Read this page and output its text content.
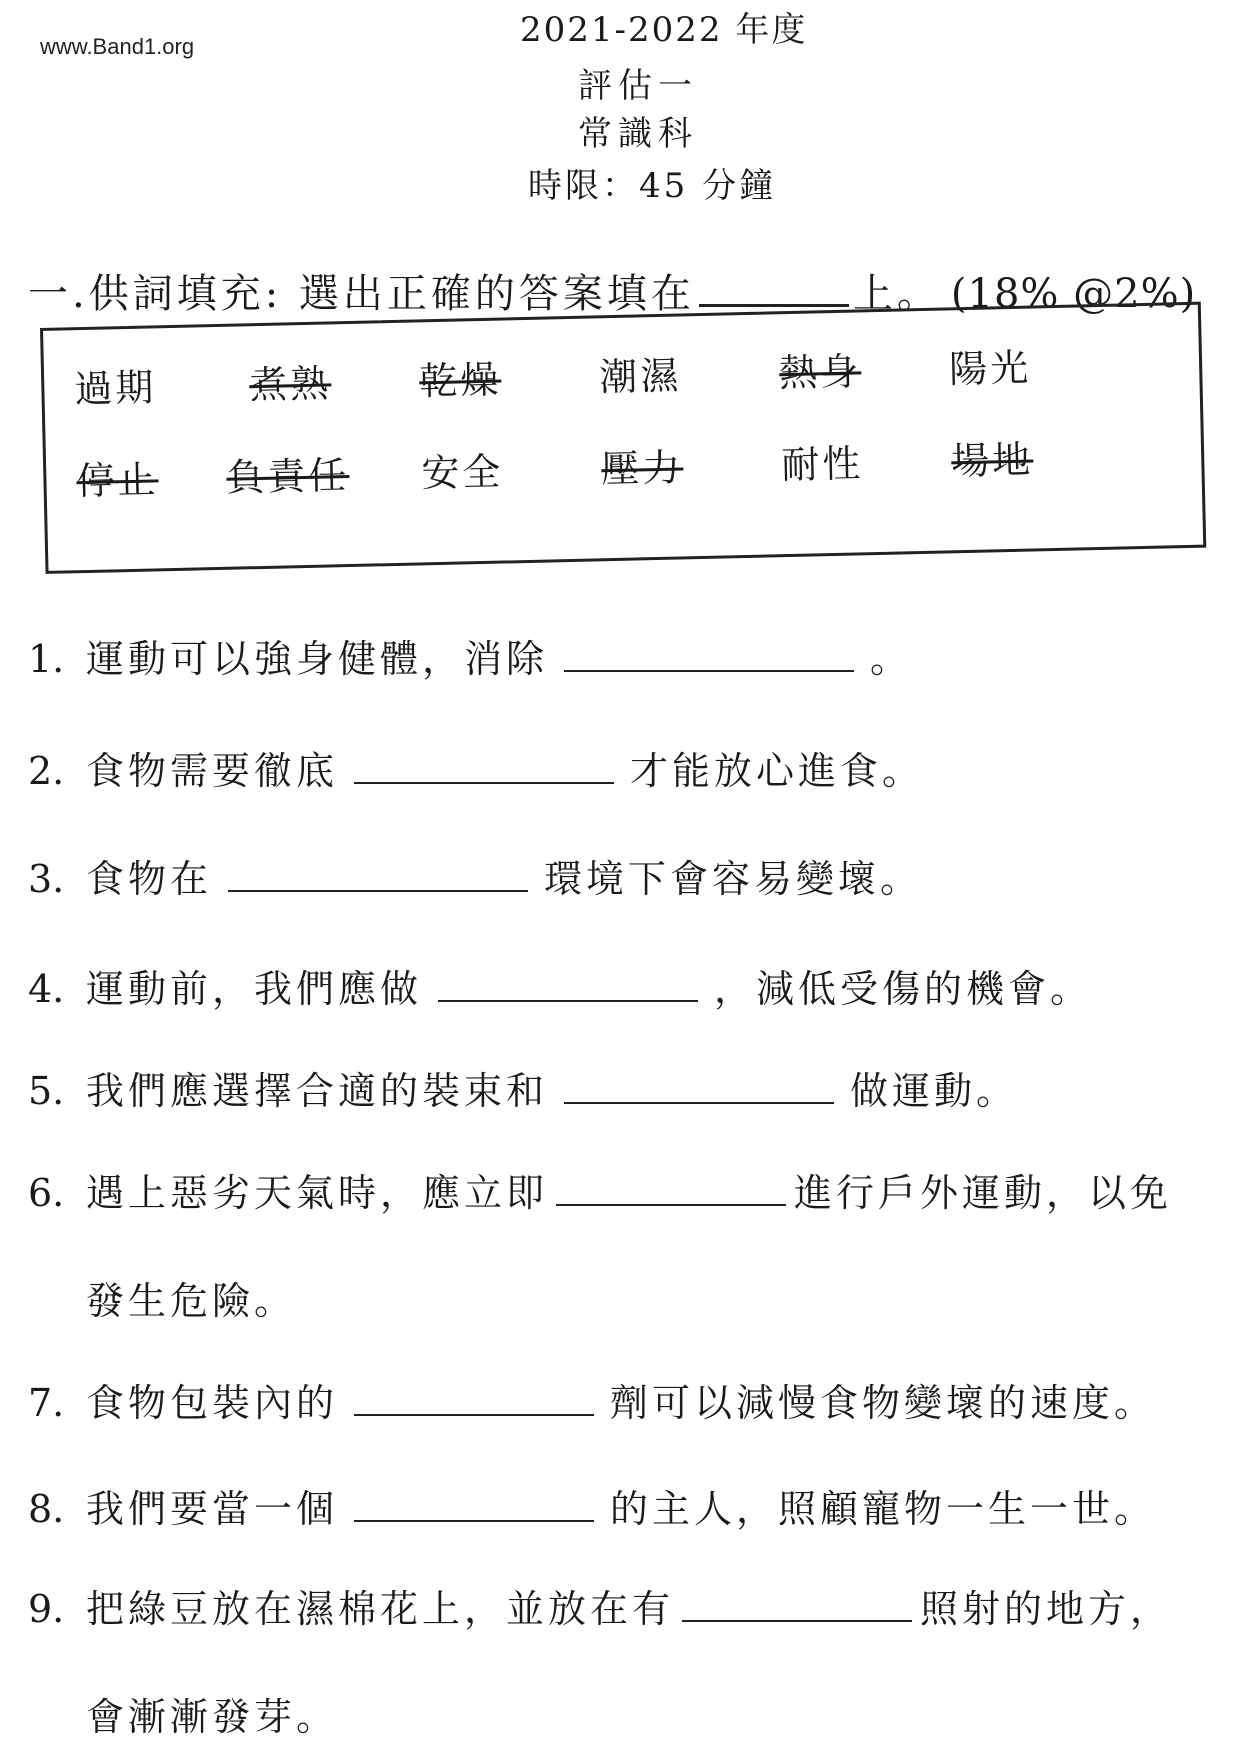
www.Band1.org	2021-2022 年度
評估一
常識科
時限：45 分鐘
一.供詞填充: 選出正確的答案填在	上。 (18% @2%)
過期 煮熟 乾燥	潮濕	熱身 陽光
停止 負責任 安全	壓力	耐性 場地
1. 運動可以強身健體，消除	。
2. 食物需要徹底	才能放心進食。
3. 食物在	環境下會容易變壞。
4. 運動前，我們應做	，減低受傷的機會。
5. 我們應選擇合適的裝束和	做運動。
6. 遇上惡劣天氣時，應立即	進行戶外運動，以免
發生危險。
7. 食物包裝內的	劑可以減慢食物變壞的速度。
8. 我們要當一個	的主人，照顧寵物一生一世。
9. 把綠豆放在濕棉花上，並放在有	照射的地方，
會漸漸發芽。
